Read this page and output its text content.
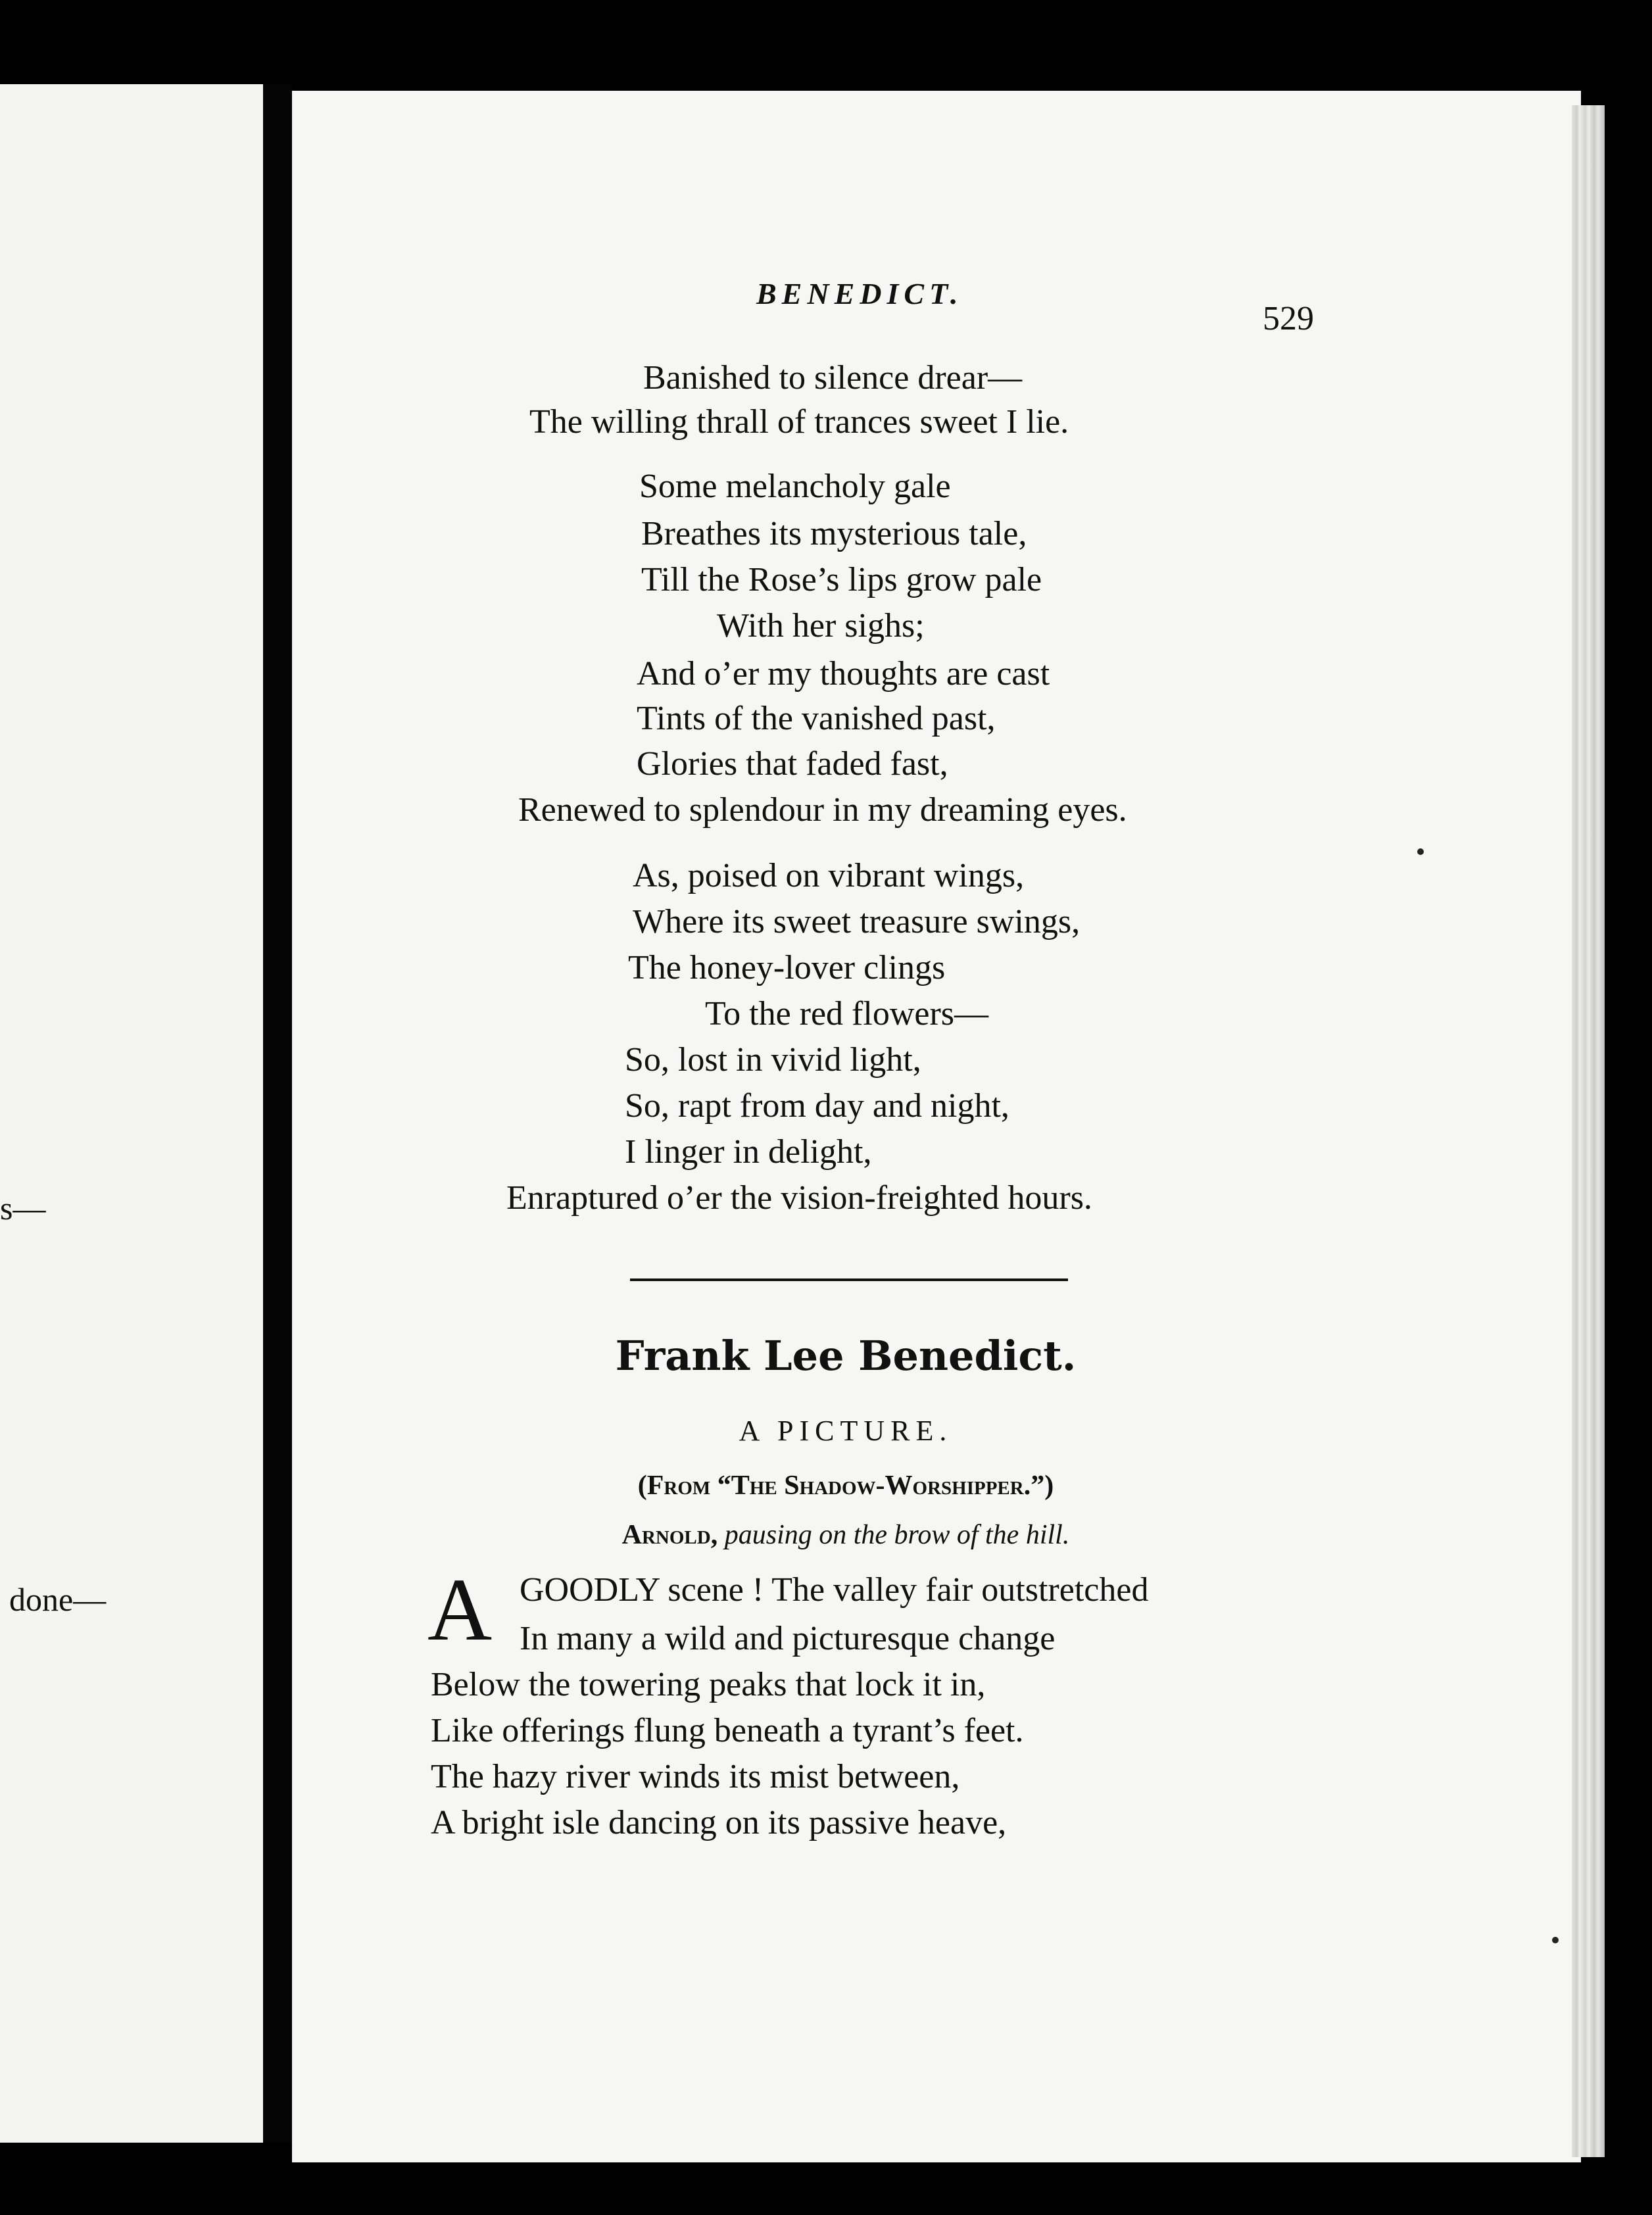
s—
done—
BENEDICT.
529
Banished to silence drear—
The willing thrall of trances sweet I lie.
Some melancholy gale
Breathes its mysterious tale,
Till the Rose’s lips grow pale
With her sighs;
And o’er my thoughts are cast
Tints of the vanished past,
Glories that faded fast,
Renewed to splendour in my dreaming eyes.
As, poised on vibrant wings,
Where its sweet treasure swings,
The honey-lover clings
To the red flowers—
So, lost in vivid light,
So, rapt from day and night,
I linger in delight,
Enraptured o’er the vision-freighted hours.
Frank Lee Benedict.
A PICTURE.
(From “The Shadow-Worshipper.”)
Arnold, pausing on the brow of the hill.
A GOODLY scene ! The valley fair outstretched
In many a wild and picturesque change
Below the towering peaks that lock it in,
Like offerings flung beneath a tyrant’s feet.
The hazy river winds its mist between,
A bright isle dancing on its passive heave,
